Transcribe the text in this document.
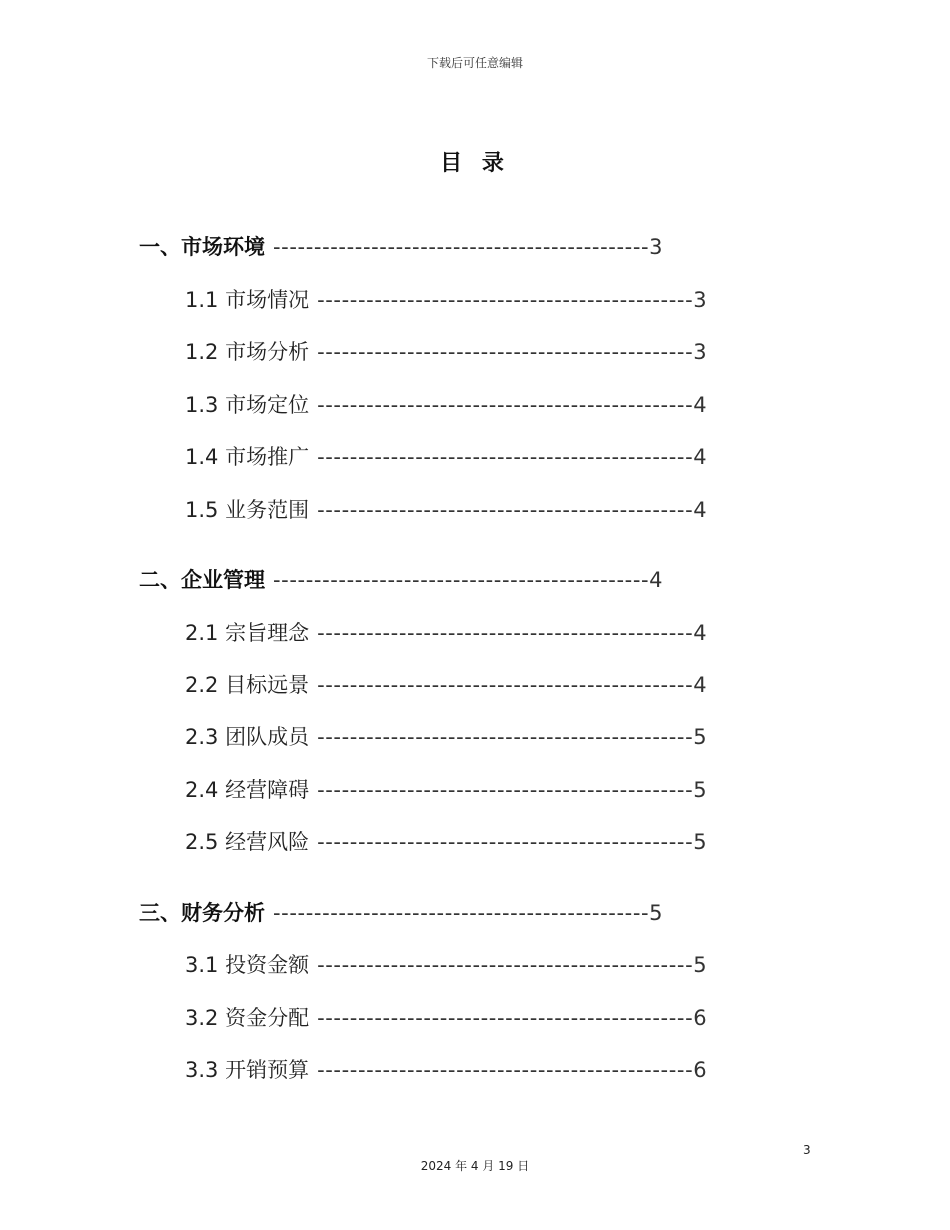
下载后可任意编辑
目 录
一、市场环境 ---------------------------------------------- 3
1.1 市场情况 ---------------------------------------------- 3
1.2 市场分析 ---------------------------------------------- 3
1.3 市场定位 ---------------------------------------------- 4
1.4 市场推广 ---------------------------------------------- 4
1.5 业务范围 ---------------------------------------------- 4
二、企业管理 ---------------------------------------------- 4
2.1 宗旨理念 ---------------------------------------------- 4
2.2 目标远景 ---------------------------------------------- 4
2.3 团队成员 ---------------------------------------------- 5
2.4 经营障碍 ---------------------------------------------- 5
2.5 经营风险 ---------------------------------------------- 5
三、财务分析 ---------------------------------------------- 5
3.1 投资金额 ---------------------------------------------- 5
3.2 资金分配 ---------------------------------------------- 6
3.3 开销预算 ---------------------------------------------- 6
3
2024 年 4 月 19 日
